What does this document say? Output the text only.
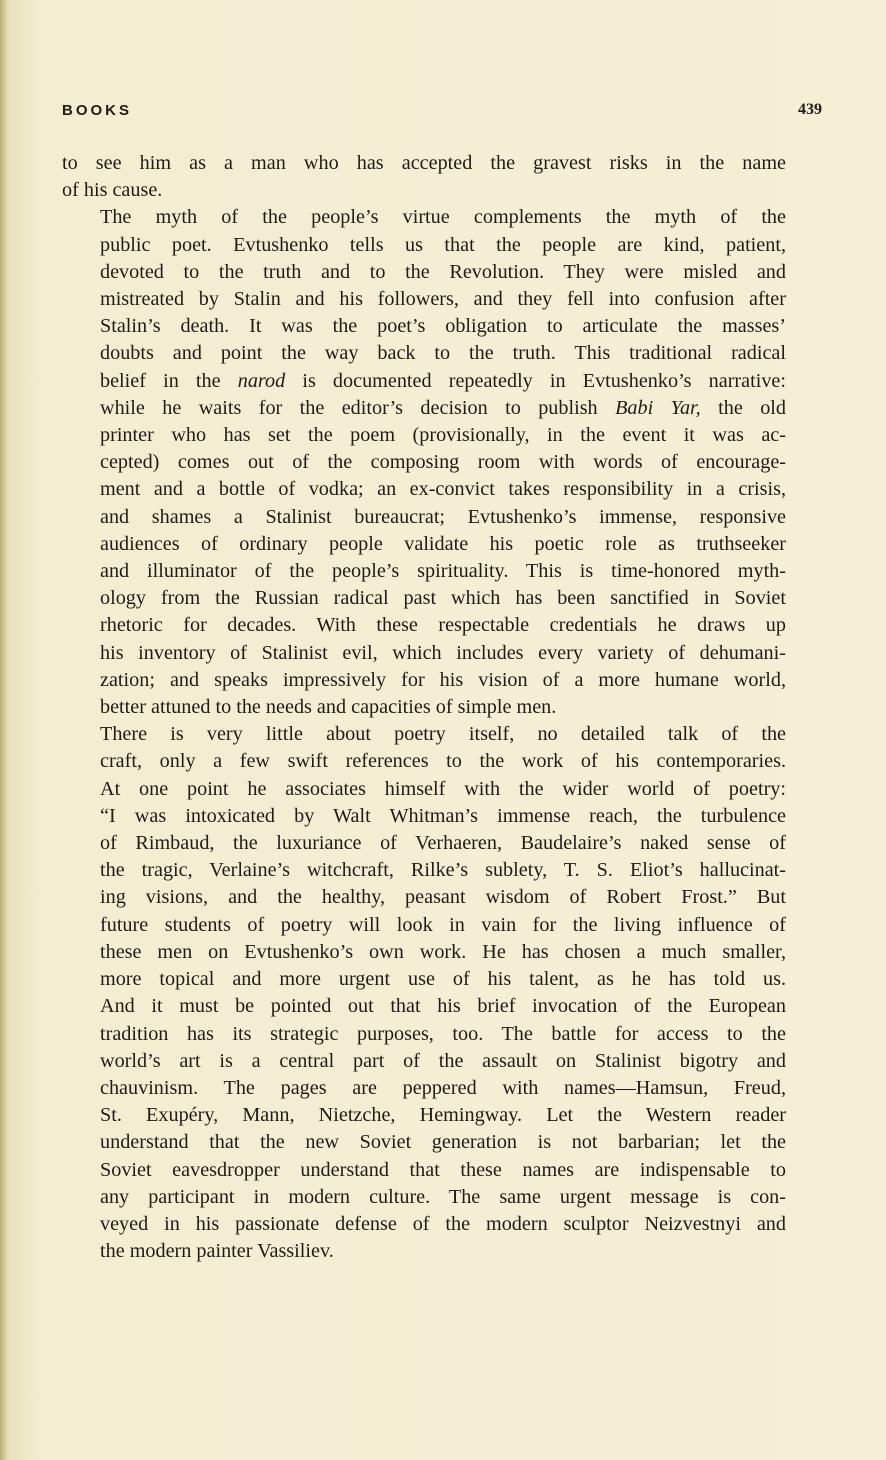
BOOKS	439

to see him as a man who has accepted the gravest risks in the name
of his cause.

The myth of the people’s virtue complements the myth of the
public poet. Evtushenko tells us that the people are kind, patient,
devoted to the truth and to the Revolution. They were misled and
mistreated by Stalin and his followers, and they fell into confusion after
Stalin’s death. It was the poet’s obligation to articulate the masses’
doubts and point the way back to the truth. This traditional radical
belief in the narod is documented repeatedly in Evtushenko’s narrative:
while he waits for the editor’s decision to publish Babi Yar, the old
printer who has set the poem (provisionally, in the event it was ac-
cepted) comes out of the composing room with words of encourage-
ment and a bottle of vodka; an ex-convict takes responsibility in a crisis,
and shames a Stalinist bureaucrat; Evtushenko’s immense, responsive
audiences of ordinary people validate his poetic role as truthseeker
and illuminator of the people’s spirituality. This is time-honored myth-
ology from the Russian radical past which has been sanctified in Soviet
rhetoric for decades. With these respectable credentials he draws up
his inventory of Stalinist evil, which includes every variety of dehumani-
zation; and speaks impressively for his vision of a more humane world,
better attuned to the needs and capacities of simple men.

There is very little about poetry itself, no detailed talk of the
craft, only a few swift references to the work of his contemporaries.
At one point he associates himself with the wider world of poetry:
“I was intoxicated by Walt Whitman’s immense reach, the turbulence
of Rimbaud, the luxuriance of Verhaeren, Baudelaire’s naked sense of
the tragic, Verlaine’s witchcraft, Rilke’s sublety, T. S. Eliot’s hallucinat-
ing visions, and the healthy, peasant wisdom of Robert Frost.” But
future students of poetry will look in vain for the living influence of
these men on Evtushenko’s own work. He has chosen a much smaller,
more topical and more urgent use of his talent, as he has told us.
And it must be pointed out that his brief invocation of the European
tradition has its strategic purposes, too. The battle for access to the
world’s art is a central part of the assault on Stalinist bigotry and
chauvinism. The pages are peppered with names—Hamsun, Freud,
St. Exupéry, Mann, Nietzche, Hemingway. Let the Western reader
understand that the new Soviet generation is not barbarian; let the
Soviet eavesdropper understand that these names are indispensable to
any participant in modern culture. The same urgent message is con-
veyed in his passionate defense of the modern sculptor Neizvestnyi and
the modern painter Vassiliev.
